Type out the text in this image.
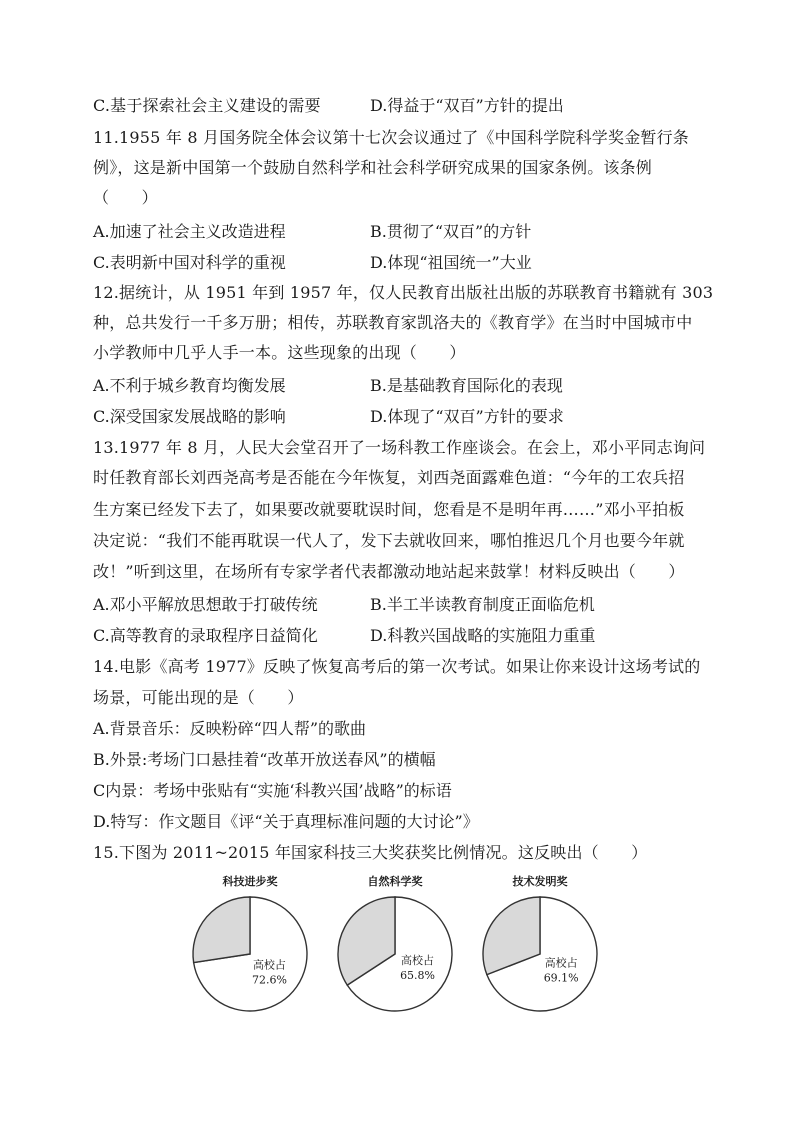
C.基于探索社会主义建设的需要	D.得益于“双百”方针的提出
11.1955 年 8 月国务院全体会议第十七次会议通过了《中国科学院科学奖金暂行条
例》，这是新中国第一个鼓励自然科学和社会科学研究成果的国家条例。该条例
（　　）
A.加速了社会主义改造进程	B.贯彻了“双百”的方针
C.表明新中国对科学的重视	D.体现“祖国统一”大业
12.据统计，从 1951 年到 1957 年，仅人民教育出版社出版的苏联教育书籍就有 303
种，总共发行一千多万册；相传，苏联教育家凯洛夫的《教育学》在当时中国城市中
小学教师中几乎人手一本。这些现象的出现（　　）
A.不利于城乡教育均衡发展	B.是基础教育国际化的表现
C.深受国家发展战略的影响	D.体现了“双百”方针的要求
13.1977 年 8 月，人民大会堂召开了一场科教工作座谈会。在会上，邓小平同志询问
时任教育部长刘西尧高考是否能在今年恢复，刘西尧面露难色道：“今年的工农兵招
生方案已经发下去了，如果要改就要耽误时间，您看是不是明年再……”邓小平拍板
决定说：“我们不能再耽误一代人了，发下去就收回来，哪怕推迟几个月也要今年就
改！”听到这里，在场所有专家学者代表都激动地站起来鼓掌！材料反映出（　　）
A.邓小平解放思想敢于打破传统	B.半工半读教育制度正面临危机
C.高等教育的录取程序日益简化	D.科教兴国战略的实施阻力重重
14.电影《高考 1977》反映了恢复高考后的第一次考试。如果让你来设计这场考试的
场景，可能出现的是（　　）
A.背景音乐：反映粉碎“四人帮”的歌曲
B.外景:考场门口悬挂着“改革开放送春风”的横幅
C内景：考场中张贴有“实施‘科教兴国’战略”的标语
D.特写：作文题目《评“关于真理标准问题的大讨论”》
15.下图为 2011~2015 年国家科技三大奖获奖比例情况。这反映出（　　）
科技进步奖	自然科学奖	技术发明奖
高校占
72.6%
高校占
65.8%
高校占
69.1%
